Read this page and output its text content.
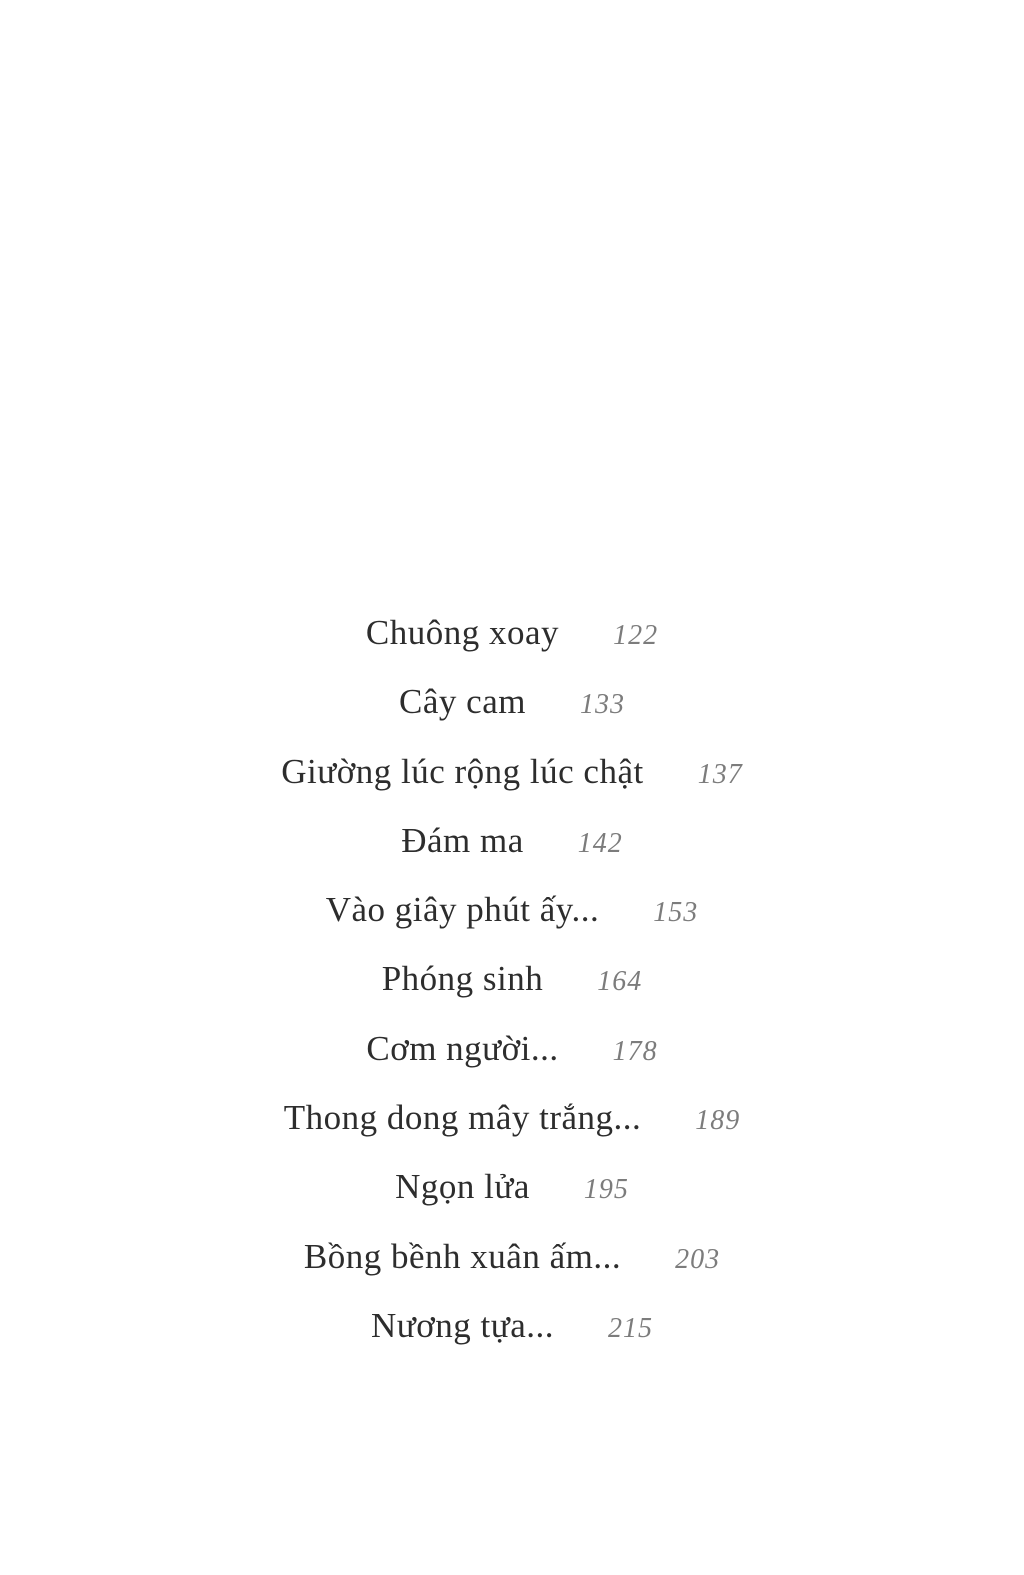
Chuông xoay 122
Cây cam 133
Giường lúc rộng lúc chật 137
Đám ma 142
Vào giây phút ấy... 153
Phóng sinh 164
Cơm người... 178
Thong dong mây trắng... 189
Ngọn lửa 195
Bồng bềnh xuân ấm... 203
Nương tựa... 215
